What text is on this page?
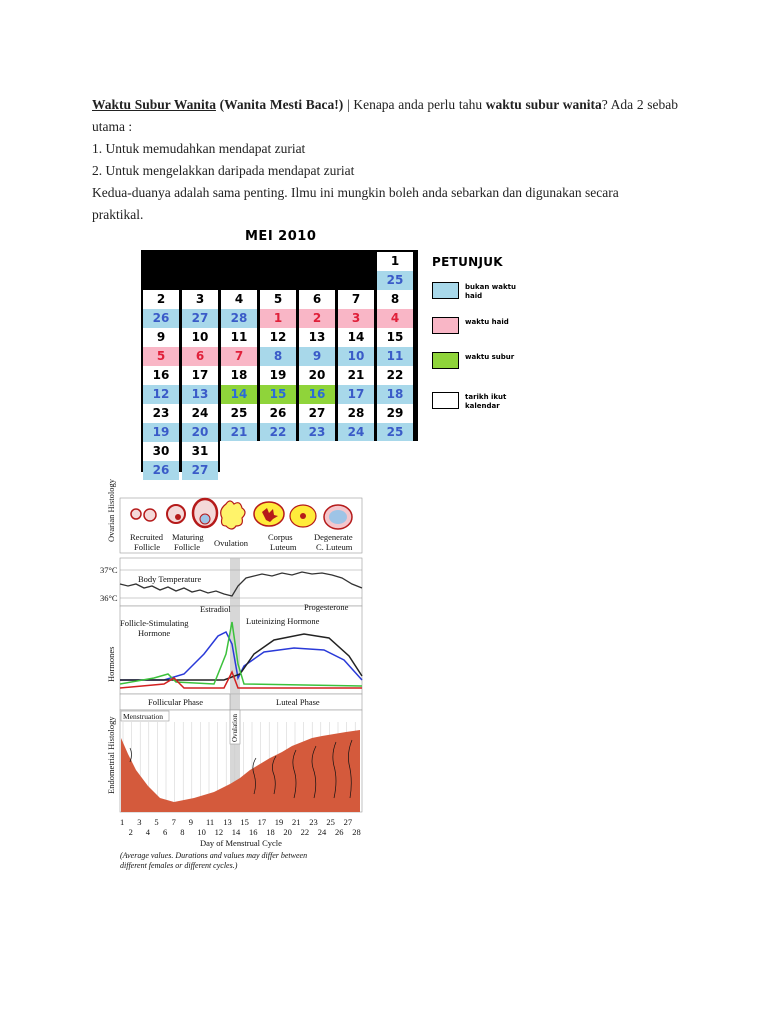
Waktu Subur Wanita (Wanita Mesti Baca!) | Kenapa anda perlu tahu waktu subur wanita? Ada 2 sebab utama :
1. Untuk memudahkan mendapat zuriat
2. Untuk mengelakkan daripada mendapat zuriat
Kedua-duanya adalah sama penting. Ilmu ini mungkin boleh anda sebarkan dan digunakan secara
praktikal.
MEI 2010
1
25
2
26
3
27
4
28
5
1
6
2
7
3
8
4
9
5
10
6
11
7
12
8
13
9
14
10
15
11
16
12
17
13
18
14
19
15
20
16
21
17
22
18
23
19
24
20
25
21
26
22
27
23
28
24
29
25
30
26
31
27
PETUNJUK
bukan waktu haid
waktu haid
waktu subur
tarikh ikut kalendar
Ovarian Histology
Hormones
Endometrial Histology
Recruited
Follicle
Maturing
Follicle Ovulation
Corpus
Luteum
Degenerate
C. Luteum
37°C
36°C
Body Temperature
Estradiol	Progesterone
Follicle-Stimulating
Hormone
Luteinizing Hormone
Follicular Phase	Luteal Phase
Ovulation
Menstruation
1 3 5 7 9 11 13 15 17 19 21 23 25 27
2 4 6 8 10 12 14 16 18 20 22 24 26 28
Day of Menstrual Cycle
(Average values. Durations and values may differ between
different females or different cycles.)
